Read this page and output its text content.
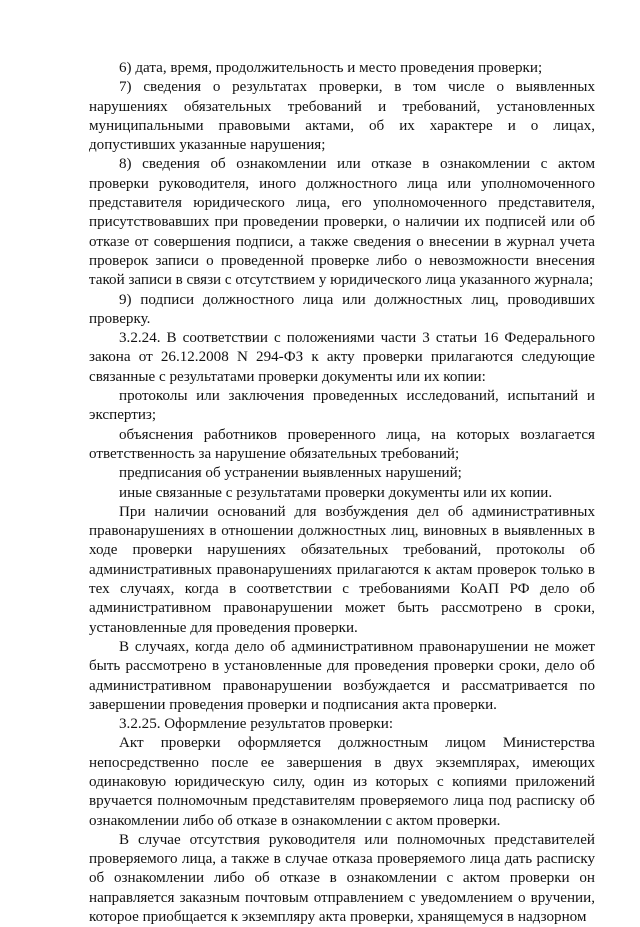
6) дата, время, продолжительность и место проведения проверки;

7) сведения о результатах проверки, в том числе о выявленных нарушениях обязательных требований и требований, установленных муниципальными правовыми актами, об их характере и о лицах, допустивших указанные нарушения;

8) сведения об ознакомлении или отказе в ознакомлении с актом проверки руководителя, иного должностного лица или уполномоченного представителя юридического лица, его уполномоченного представителя, присутствовавших при проведении проверки, о наличии их подписей или об отказе от совершения подписи, а также сведения о внесении в журнал учета проверок записи о проведенной проверке либо о невозможности внесения такой записи в связи с отсутствием у юридического лица указанного журнала;

9) подписи должностного лица или должностных лиц, проводивших проверку.

3.2.24. В соответствии с положениями части 3 статьи 16 Федерального закона от 26.12.2008 N 294-ФЗ к акту проверки прилагаются следующие связанные с результатами проверки документы или их копии:

протоколы или заключения проведенных исследований, испытаний и экспертиз;

объяснения работников проверенного лица, на которых возлагается ответственность за нарушение обязательных требований;

предписания об устранении выявленных нарушений;

иные связанные с результатами проверки документы или их копии.

При наличии оснований для возбуждения дел об административных правонарушениях в отношении должностных лиц, виновных в выявленных в ходе проверки нарушениях обязательных требований, протоколы об административных правонарушениях прилагаются к актам проверок только в тех случаях, когда в соответствии с требованиями КоАП РФ дело об административном правонарушении может быть рассмотрено в сроки, установленные для проведения проверки.

В случаях, когда дело об административном правонарушении не может быть рассмотрено в установленные для проведения проверки сроки, дело об административном правонарушении возбуждается и рассматривается по завершении проведения проверки и подписания акта проверки.

3.2.25. Оформление результатов проверки:

Акт проверки оформляется должностным лицом Министерства непосредственно после ее завершения в двух экземплярах, имеющих одинаковую юридическую силу, один из которых с копиями приложений вручается полномочным представителям проверяемого лица под расписку об ознакомлении либо об отказе в ознакомлении с актом проверки.

В случае отсутствия руководителя или полномочных представителей проверяемого лица, а также в случае отказа проверяемого лица дать расписку об ознакомлении либо об отказе в ознакомлении с актом проверки он направляется заказным почтовым отправлением с уведомлением о вручении, которое приобщается к экземпляру акта проверки, хранящемуся в надзорном
